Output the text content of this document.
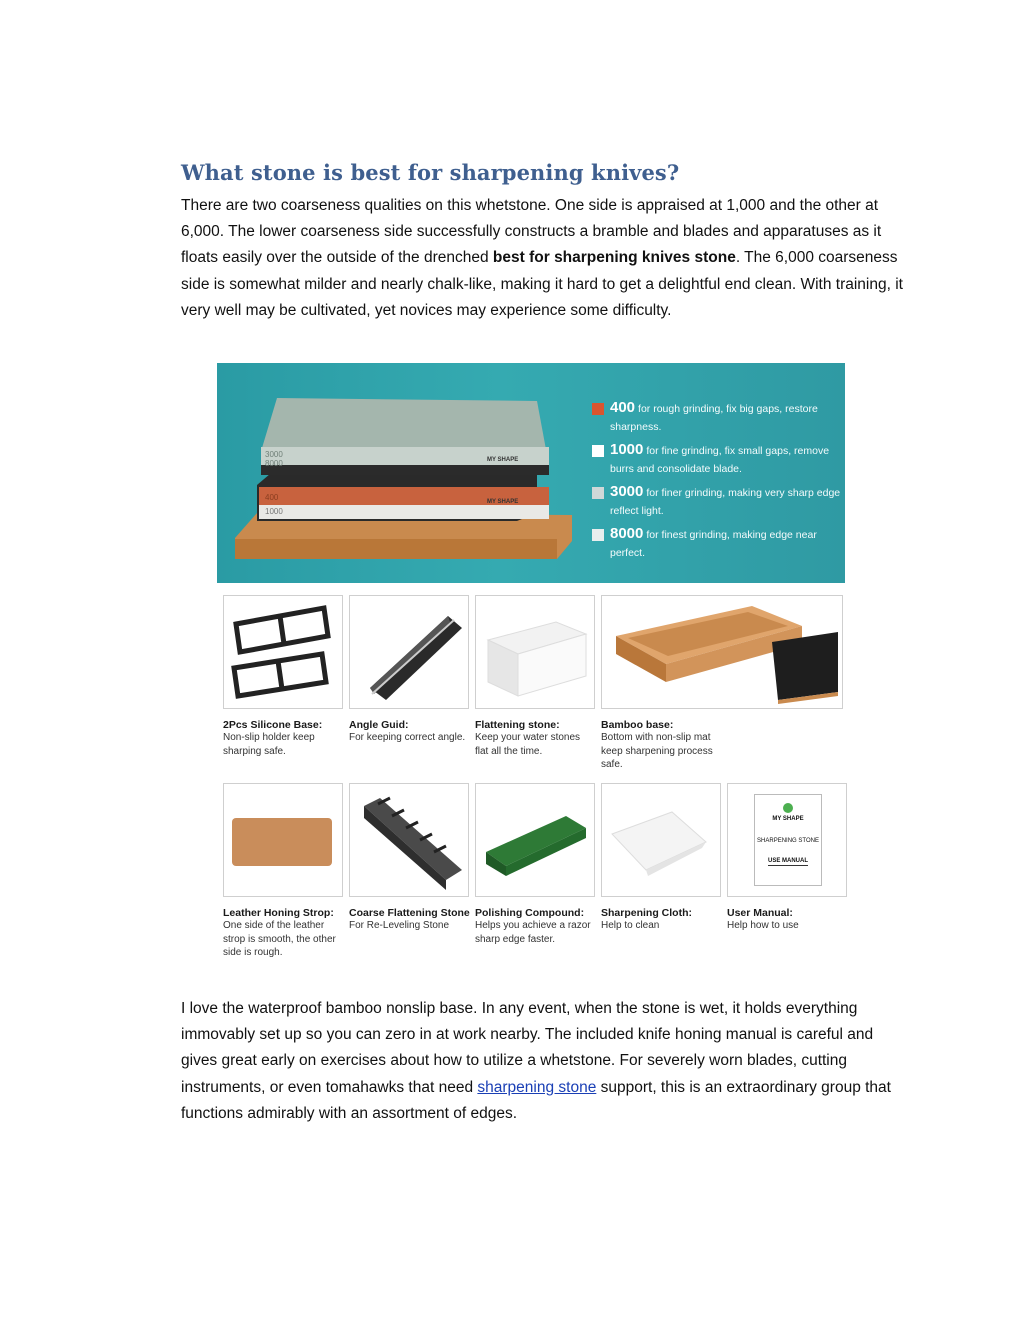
What stone is best for sharpening knives?

There are two coarseness qualities on this whetstone. One side is appraised at 1,000 and the other at 6,000. The lower coarseness side successfully constructs a bramble and blades and apparatuses as it floats easily over the outside of the drenched best for sharpening knives stone. The 6,000 coarseness side is somewhat milder and nearly chalk-like, making it hard to get a delightful end clean. With training, it very well may be cultivated, yet novices may experience some difficulty.

3000
8000
400
1000
MY SHAPE
MY SHAPE
400 for rough grinding, fix big gaps, restore sharpness.
1000 for fine grinding, fix small gaps, remove burrs and consolidate blade.
3000 for finer grinding, making very sharp edge reflect light.
8000 for finest grinding, making edge near perfect.
2Pcs Silicone Base:
Non-slip holder keep sharping safe.
Angle Guid:
For keeping correct angle.
Flattening stone:
Keep your water stones flat all the time.
Bamboo base:
Bottom with non-slip mat keep sharpening process safe.
Leather Honing Strop:
One side of the leather strop is smooth, the other side is rough.
Coarse Flattening Stone
For Re-Leveling Stone
Polishing Compound:
Helps you achieve a razor sharp edge faster.
Sharpening Cloth:
Help to clean
MY SHAPE
SHARPENING STONE
USE MANUAL
User Manual:
Help how to use

I love the waterproof bamboo nonslip base. In any event, when the stone is wet, it holds everything immovably set up so you can zero in at work nearby. The included knife honing manual is careful and gives great early on exercises about how to utilize a whetstone. For severely worn blades, cutting instruments, or even tomahawks that need sharpening stone support, this is an extraordinary group that functions admirably with an assortment of edges.
